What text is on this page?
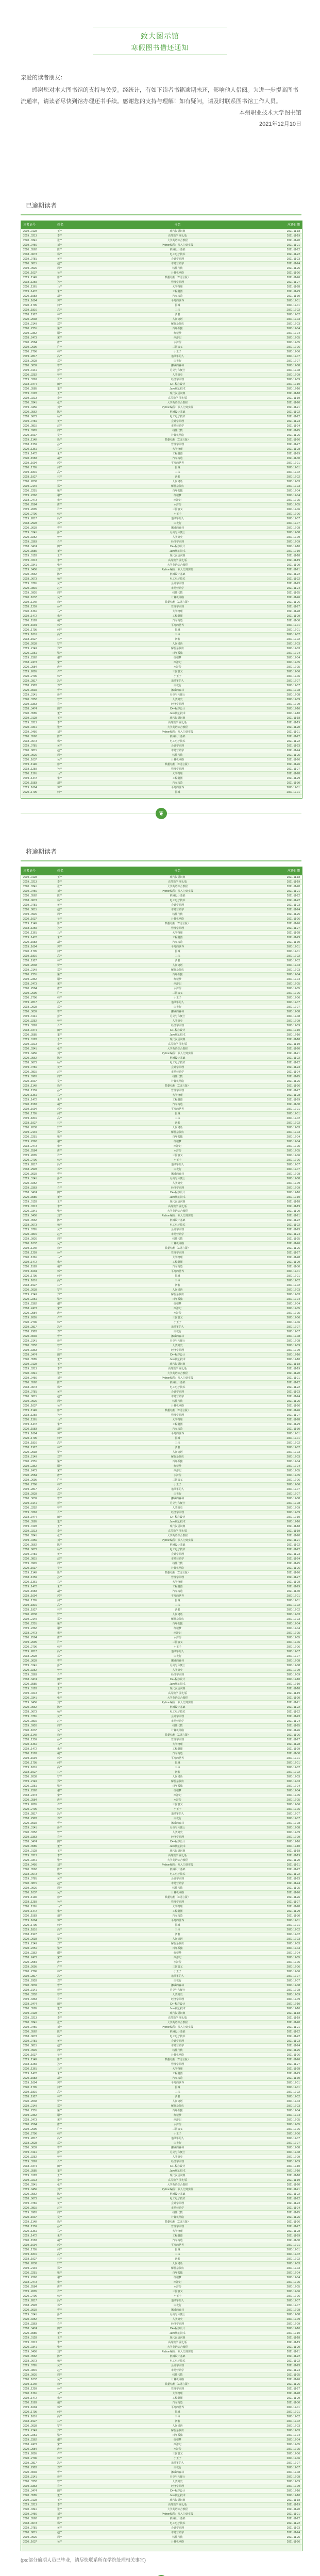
致大图示馆
寒假图书借还通知

亲爱的读者朋友：

感谢您对本大图书馆的支持与关爱。经统计，有如下读者书籍逾期未还，影响他人借阅。为进一步提高图书流通率，请读者尽快到馆办理还书手续。感谢您的支持与理解！如有疑问，请及时联系图书馆工作人员。

本州职业技术大学图书馆

2021年12月10日

已逾期读者
读者证号	姓名	书名	应还日期
2019...0128	王**	现代汉语词典	2021-11-18
2019...0213	李**	高等数学 第七版	2021-11-19
2020...0341	张**	大学英语综合教程	2021-11-20
2019...0456	刘**	Python编程：从入门到实践	2021-11-21
2020...0562	陈**	机械设计基础	2021-11-22
2018...0673	杨**	电工电子技术	2021-11-22
2019...0781	黄**	会计学原理	2021-11-23
2020...0815	赵**	市场营销学	2021-11-24
2019...0926	周**	线性代数	2021-11-25
2020...1037	吴**	计算机网络	2021-11-26
2019...1148	徐**	数据结构（C语言版）	2021-11-26
2018...1259	孙**	管理学原理	2021-11-27
2020...1361	马**	大学物理	2021-11-28
2019...1472	朱**	工程制图	2021-11-29
2020...1583	胡**	汽车构造	2021-11-30
2019...1694	郭**	平凡的世界	2021-12-01
2020...1705	何**	围城	2021-12-01
2019...1816	高**	三体	2021-12-02
2018...1927	林**	活着	2021-12-02
2020...2038	罗**	人间词话	2021-12-03
2019...2149	郑**	解忧杂货店	2021-12-03
2020...2251	梁**	百年孤独	2021-12-04
2019...2362	谢**	红楼梦	2021-12-04
2018...2473	宋**	西游记	2021-12-05
2020...2584	唐**	水浒传	2021-12-05
2019...2695	许**	三国演义	2021-12-06
2020...2706	韩**	小王子	2021-12-06
2019...2817	冯**	追风筝的人	2021-12-07
2018...2928	邓**	白夜行	2021-12-07
2020...3039	曹**	挪威的森林	2021-12-08
2019...3141	彭**	月亮与六便士	2021-12-08
2020...3252	曾**	人类简史	2021-12-09
2019...3363	肖**	经济学原理	2021-12-09
2018...3474	田**	C++程序设计	2021-12-10
2020...3585	董**	Java核心技术	2021-12-10
2019...0128	王**	现代汉语词典	2021-11-18
2019...0213	李**	高等数学 第七版	2021-11-19
2020...0341	张**	大学英语综合教程	2021-11-20
2019...0456	刘**	Python编程：从入门到实践	2021-11-21
2020...0562	陈**	机械设计基础	2021-11-22
2018...0673	杨**	电工电子技术	2021-11-22
2019...0781	黄**	会计学原理	2021-11-23
2020...0815	赵**	市场营销学	2021-11-24
2019...0926	周**	线性代数	2021-11-25
2020...1037	吴**	计算机网络	2021-11-26
2019...1148	徐**	数据结构（C语言版）	2021-11-26
2018...1259	孙**	管理学原理	2021-11-27
2020...1361	马**	大学物理	2021-11-28
2019...1472	朱**	工程制图	2021-11-29
2020...1583	胡**	汽车构造	2021-11-30
2019...1694	郭**	平凡的世界	2021-12-01
2020...1705	何**	围城	2021-12-01
2019...1816	高**	三体	2021-12-02
2018...1927	林**	活着	2021-12-02
2020...2038	罗**	人间词话	2021-12-03
2019...2149	郑**	解忧杂货店	2021-12-03
2020...2251	梁**	百年孤独	2021-12-04
2019...2362	谢**	红楼梦	2021-12-04
2018...2473	宋**	西游记	2021-12-05
2020...2584	唐**	水浒传	2021-12-05
2019...2695	许**	三国演义	2021-12-06
2020...2706	韩**	小王子	2021-12-06
2019...2817	冯**	追风筝的人	2021-12-07
2018...2928	邓**	白夜行	2021-12-07
2020...3039	曹**	挪威的森林	2021-12-08
2019...3141	彭**	月亮与六便士	2021-12-08
2020...3252	曾**	人类简史	2021-12-09
2019...3363	肖**	经济学原理	2021-12-09
2018...3474	田**	C++程序设计	2021-12-10
2020...3585	董**	Java核心技术	2021-12-10
2019...0128	王**	现代汉语词典	2021-11-18
2019...0213	李**	高等数学 第七版	2021-11-19
2020...0341	张**	大学英语综合教程	2021-11-20
2019...0456	刘**	Python编程：从入门到实践	2021-11-21
2020...0562	陈**	机械设计基础	2021-11-22
2018...0673	杨**	电工电子技术	2021-11-22
2019...0781	黄**	会计学原理	2021-11-23
2020...0815	赵**	市场营销学	2021-11-24
2019...0926	周**	线性代数	2021-11-25
2020...1037	吴**	计算机网络	2021-11-26
2019...1148	徐**	数据结构（C语言版）	2021-11-26
2018...1259	孙**	管理学原理	2021-11-27
2020...1361	马**	大学物理	2021-11-28
2019...1472	朱**	工程制图	2021-11-29
2020...1583	胡**	汽车构造	2021-11-30
2019...1694	郭**	平凡的世界	2021-12-01
2020...1705	何**	围城	2021-12-01
2019...1816	高**	三体	2021-12-02
2018...1927	林**	活着	2021-12-02
2020...2038	罗**	人间词话	2021-12-03
2019...2149	郑**	解忧杂货店	2021-12-03
2020...2251	梁**	百年孤独	2021-12-04
2019...2362	谢**	红楼梦	2021-12-04
2018...2473	宋**	西游记	2021-12-05
2020...2584	唐**	水浒传	2021-12-05
2019...2695	许**	三国演义	2021-12-06
2020...2706	韩**	小王子	2021-12-06
2019...2817	冯**	追风筝的人	2021-12-07
2018...2928	邓**	白夜行	2021-12-07
2020...3039	曹**	挪威的森林	2021-12-08
2019...3141	彭**	月亮与六便士	2021-12-08
2020...3252	曾**	人类简史	2021-12-09
2019...3363	肖**	经济学原理	2021-12-09
2018...3474	田**	C++程序设计	2021-12-10
2020...3585	董**	Java核心技术	2021-12-10
2019...0128	王**	现代汉语词典	2021-11-18
2019...0213	李**	高等数学 第七版	2021-11-19
2020...0341	张**	大学英语综合教程	2021-11-20
2019...0456	刘**	Python编程：从入门到实践	2021-11-21
2020...0562	陈**	机械设计基础	2021-11-22
2018...0673	杨**	电工电子技术	2021-11-22
2019...0781	黄**	会计学原理	2021-11-23
2020...0815	赵**	市场营销学	2021-11-24
2019...0926	周**	线性代数	2021-11-25
2020...1037	吴**	计算机网络	2021-11-26
2019...1148	徐**	数据结构（C语言版）	2021-11-26
2018...1259	孙**	管理学原理	2021-11-27
2020...1361	马**	大学物理	2021-11-28
2019...1472	朱**	工程制图	2021-11-29
2020...1583	胡**	汽车构造	2021-11-30
2019...1694	郭**	平凡的世界	2021-12-01
2020...1705	何**	围城	2021-12-01
❦
将逾期读者
读者证号	姓名	书名	应还日期
2019...0128	王**	现代汉语词典	2021-11-18
2019...0213	李**	高等数学 第七版	2021-11-19
2020...0341	张**	大学英语综合教程	2021-11-20
2019...0456	刘**	Python编程：从入门到实践	2021-11-21
2020...0562	陈**	机械设计基础	2021-11-22
2018...0673	杨**	电工电子技术	2021-11-22
2019...0781	黄**	会计学原理	2021-11-23
2020...0815	赵**	市场营销学	2021-11-24
2019...0926	周**	线性代数	2021-11-25
2020...1037	吴**	计算机网络	2021-11-26
2019...1148	徐**	数据结构（C语言版）	2021-11-26
2018...1259	孙**	管理学原理	2021-11-27
2020...1361	马**	大学物理	2021-11-28
2019...1472	朱**	工程制图	2021-11-29
2020...1583	胡**	汽车构造	2021-11-30
2019...1694	郭**	平凡的世界	2021-12-01
2020...1705	何**	围城	2021-12-01
2019...1816	高**	三体	2021-12-02
2018...1927	林**	活着	2021-12-02
2020...2038	罗**	人间词话	2021-12-03
2019...2149	郑**	解忧杂货店	2021-12-03
2020...2251	梁**	百年孤独	2021-12-04
2019...2362	谢**	红楼梦	2021-12-04
2018...2473	宋**	西游记	2021-12-05
2020...2584	唐**	水浒传	2021-12-05
2019...2695	许**	三国演义	2021-12-06
2020...2706	韩**	小王子	2021-12-06
2019...2817	冯**	追风筝的人	2021-12-07
2018...2928	邓**	白夜行	2021-12-07
2020...3039	曹**	挪威的森林	2021-12-08
2019...3141	彭**	月亮与六便士	2021-12-08
2020...3252	曾**	人类简史	2021-12-09
2019...3363	肖**	经济学原理	2021-12-09
2018...3474	田**	C++程序设计	2021-12-10
2020...3585	董**	Java核心技术	2021-12-10
2019...0128	王**	现代汉语词典	2021-11-18
2019...0213	李**	高等数学 第七版	2021-11-19
2020...0341	张**	大学英语综合教程	2021-11-20
2019...0456	刘**	Python编程：从入门到实践	2021-11-21
2020...0562	陈**	机械设计基础	2021-11-22
2018...0673	杨**	电工电子技术	2021-11-22
2019...0781	黄**	会计学原理	2021-11-23
2020...0815	赵**	市场营销学	2021-11-24
2019...0926	周**	线性代数	2021-11-25
2020...1037	吴**	计算机网络	2021-11-26
2019...1148	徐**	数据结构（C语言版）	2021-11-26
2018...1259	孙**	管理学原理	2021-11-27
2020...1361	马**	大学物理	2021-11-28
2019...1472	朱**	工程制图	2021-11-29
2020...1583	胡**	汽车构造	2021-11-30
2019...1694	郭**	平凡的世界	2021-12-01
2020...1705	何**	围城	2021-12-01
2019...1816	高**	三体	2021-12-02
2018...1927	林**	活着	2021-12-02
2020...2038	罗**	人间词话	2021-12-03
2019...2149	郑**	解忧杂货店	2021-12-03
2020...2251	梁**	百年孤独	2021-12-04
2019...2362	谢**	红楼梦	2021-12-04
2018...2473	宋**	西游记	2021-12-05
2020...2584	唐**	水浒传	2021-12-05
2019...2695	许**	三国演义	2021-12-06
2020...2706	韩**	小王子	2021-12-06
2019...2817	冯**	追风筝的人	2021-12-07
2018...2928	邓**	白夜行	2021-12-07
2020...3039	曹**	挪威的森林	2021-12-08
2019...3141	彭**	月亮与六便士	2021-12-08
2020...3252	曾**	人类简史	2021-12-09
2019...3363	肖**	经济学原理	2021-12-09
2018...3474	田**	C++程序设计	2021-12-10
2020...3585	董**	Java核心技术	2021-12-10
2019...0128	王**	现代汉语词典	2021-11-18
2019...0213	李**	高等数学 第七版	2021-11-19
2020...0341	张**	大学英语综合教程	2021-11-20
2019...0456	刘**	Python编程：从入门到实践	2021-11-21
2020...0562	陈**	机械设计基础	2021-11-22
2018...0673	杨**	电工电子技术	2021-11-22
2019...0781	黄**	会计学原理	2021-11-23
2020...0815	赵**	市场营销学	2021-11-24
2019...0926	周**	线性代数	2021-11-25
2020...1037	吴**	计算机网络	2021-11-26
2019...1148	徐**	数据结构（C语言版）	2021-11-26
2018...1259	孙**	管理学原理	2021-11-27
2020...1361	马**	大学物理	2021-11-28
2019...1472	朱**	工程制图	2021-11-29
2020...1583	胡**	汽车构造	2021-11-30
2019...1694	郭**	平凡的世界	2021-12-01
2020...1705	何**	围城	2021-12-01
2019...1816	高**	三体	2021-12-02
2018...1927	林**	活着	2021-12-02
2020...2038	罗**	人间词话	2021-12-03
2019...2149	郑**	解忧杂货店	2021-12-03
2020...2251	梁**	百年孤独	2021-12-04
2019...2362	谢**	红楼梦	2021-12-04
2018...2473	宋**	西游记	2021-12-05
2020...2584	唐**	水浒传	2021-12-05
2019...2695	许**	三国演义	2021-12-06
2020...2706	韩**	小王子	2021-12-06
2019...2817	冯**	追风筝的人	2021-12-07
2018...2928	邓**	白夜行	2021-12-07
2020...3039	曹**	挪威的森林	2021-12-08
2019...3141	彭**	月亮与六便士	2021-12-08
2020...3252	曾**	人类简史	2021-12-09
2019...3363	肖**	经济学原理	2021-12-09
2018...3474	田**	C++程序设计	2021-12-10
2020...3585	董**	Java核心技术	2021-12-10
2019...0128	王**	现代汉语词典	2021-11-18
2019...0213	李**	高等数学 第七版	2021-11-19
2020...0341	张**	大学英语综合教程	2021-11-20
2019...0456	刘**	Python编程：从入门到实践	2021-11-21
2020...0562	陈**	机械设计基础	2021-11-22
2018...0673	杨**	电工电子技术	2021-11-22
2019...0781	黄**	会计学原理	2021-11-23
2020...0815	赵**	市场营销学	2021-11-24
2019...0926	周**	线性代数	2021-11-25
2020...1037	吴**	计算机网络	2021-11-26
2019...1148	徐**	数据结构（C语言版）	2021-11-26
2018...1259	孙**	管理学原理	2021-11-27
2020...1361	马**	大学物理	2021-11-28
2019...1472	朱**	工程制图	2021-11-29
2020...1583	胡**	汽车构造	2021-11-30
2019...1694	郭**	平凡的世界	2021-12-01
2020...1705	何**	围城	2021-12-01
2019...1816	高**	三体	2021-12-02
2018...1927	林**	活着	2021-12-02
2020...2038	罗**	人间词话	2021-12-03
2019...2149	郑**	解忧杂货店	2021-12-03
2020...2251	梁**	百年孤独	2021-12-04
2019...2362	谢**	红楼梦	2021-12-04
2018...2473	宋**	西游记	2021-12-05
2020...2584	唐**	水浒传	2021-12-05
2019...2695	许**	三国演义	2021-12-06
2020...2706	韩**	小王子	2021-12-06
2019...2817	冯**	追风筝的人	2021-12-07
2018...2928	邓**	白夜行	2021-12-07
2020...3039	曹**	挪威的森林	2021-12-08
2019...3141	彭**	月亮与六便士	2021-12-08
2020...3252	曾**	人类简史	2021-12-09
2019...3363	肖**	经济学原理	2021-12-09
2018...3474	田**	C++程序设计	2021-12-10
2020...3585	董**	Java核心技术	2021-12-10
2019...0128	王**	现代汉语词典	2021-11-18
2019...0213	李**	高等数学 第七版	2021-11-19
2020...0341	张**	大学英语综合教程	2021-11-20
2019...0456	刘**	Python编程：从入门到实践	2021-11-21
2020...0562	陈**	机械设计基础	2021-11-22
2018...0673	杨**	电工电子技术	2021-11-22
2019...0781	黄**	会计学原理	2021-11-23
2020...0815	赵**	市场营销学	2021-11-24
2019...0926	周**	线性代数	2021-11-25
2020...1037	吴**	计算机网络	2021-11-26
2019...1148	徐**	数据结构（C语言版）	2021-11-26
2018...1259	孙**	管理学原理	2021-11-27
2020...1361	马**	大学物理	2021-11-28
2019...1472	朱**	工程制图	2021-11-29
2020...1583	胡**	汽车构造	2021-11-30
2019...1694	郭**	平凡的世界	2021-12-01
2020...1705	何**	围城	2021-12-01
2019...1816	高**	三体	2021-12-02
2018...1927	林**	活着	2021-12-02
2020...2038	罗**	人间词话	2021-12-03
2019...2149	郑**	解忧杂货店	2021-12-03
2020...2251	梁**	百年孤独	2021-12-04
2019...2362	谢**	红楼梦	2021-12-04
2018...2473	宋**	西游记	2021-12-05
2020...2584	唐**	水浒传	2021-12-05
2019...2695	许**	三国演义	2021-12-06
2020...2706	韩**	小王子	2021-12-06
2019...2817	冯**	追风筝的人	2021-12-07
2018...2928	邓**	白夜行	2021-12-07
2020...3039	曹**	挪威的森林	2021-12-08
2019...3141	彭**	月亮与六便士	2021-12-08
2020...3252	曾**	人类简史	2021-12-09
2019...3363	肖**	经济学原理	2021-12-09
2018...3474	田**	C++程序设计	2021-12-10
2020...3585	董**	Java核心技术	2021-12-10
2019...0128	王**	现代汉语词典	2021-11-18
2019...0213	李**	高等数学 第七版	2021-11-19
2020...0341	张**	大学英语综合教程	2021-11-20
2019...0456	刘**	Python编程：从入门到实践	2021-11-21
2020...0562	陈**	机械设计基础	2021-11-22
2018...0673	杨**	电工电子技术	2021-11-22
2019...0781	黄**	会计学原理	2021-11-23
2020...0815	赵**	市场营销学	2021-11-24
2019...0926	周**	线性代数	2021-11-25
2020...1037	吴**	计算机网络	2021-11-26
2019...1148	徐**	数据结构（C语言版）	2021-11-26
2018...1259	孙**	管理学原理	2021-11-27
2020...1361	马**	大学物理	2021-11-28
2019...1472	朱**	工程制图	2021-11-29
2020...1583	胡**	汽车构造	2021-11-30
2019...1694	郭**	平凡的世界	2021-12-01
2020...1705	何**	围城	2021-12-01
2019...1816	高**	三体	2021-12-02
2018...1927	林**	活着	2021-12-02
2020...2038	罗**	人间词话	2021-12-03
2019...2149	郑**	解忧杂货店	2021-12-03
2020...2251	梁**	百年孤独	2021-12-04
2019...2362	谢**	红楼梦	2021-12-04
2018...2473	宋**	西游记	2021-12-05
2020...2584	唐**	水浒传	2021-12-05
2019...2695	许**	三国演义	2021-12-06
2020...2706	韩**	小王子	2021-12-06
2019...2817	冯**	追风筝的人	2021-12-07
2018...2928	邓**	白夜行	2021-12-07
2020...3039	曹**	挪威的森林	2021-12-08
2019...3141	彭**	月亮与六便士	2021-12-08
2020...3252	曾**	人类简史	2021-12-09
2019...3363	肖**	经济学原理	2021-12-09
2018...3474	田**	C++程序设计	2021-12-10
2020...3585	董**	Java核心技术	2021-12-10
2019...0128	王**	现代汉语词典	2021-11-18
2019...0213	李**	高等数学 第七版	2021-11-19
2020...0341	张**	大学英语综合教程	2021-11-20
2019...0456	刘**	Python编程：从入门到实践	2021-11-21
2020...0562	陈**	机械设计基础	2021-11-22
2018...0673	杨**	电工电子技术	2021-11-22
2019...0781	黄**	会计学原理	2021-11-23
2020...0815	赵**	市场营销学	2021-11-24
2019...0926	周**	线性代数	2021-11-25
2020...1037	吴**	计算机网络	2021-11-26
2019...1148	徐**	数据结构（C语言版）	2021-11-26
2018...1259	孙**	管理学原理	2021-11-27
2020...1361	马**	大学物理	2021-11-28
2019...1472	朱**	工程制图	2021-11-29
2020...1583	胡**	汽车构造	2021-11-30
2019...1694	郭**	平凡的世界	2021-12-01
2020...1705	何**	围城	2021-12-01
2019...1816	高**	三体	2021-12-02
2018...1927	林**	活着	2021-12-02
2020...2038	罗**	人间词话	2021-12-03
2019...2149	郑**	解忧杂货店	2021-12-03
2020...2251	梁**	百年孤独	2021-12-04
2019...2362	谢**	红楼梦	2021-12-04
2018...2473	宋**	西游记	2021-12-05
2020...2584	唐**	水浒传	2021-12-05
2019...2695	许**	三国演义	2021-12-06
2020...2706	韩**	小王子	2021-12-06
2019...2817	冯**	追风筝的人	2021-12-07
2018...2928	邓**	白夜行	2021-12-07
2020...3039	曹**	挪威的森林	2021-12-08
2019...3141	彭**	月亮与六便士	2021-12-08
2020...3252	曾**	人类简史	2021-12-09
2019...3363	肖**	经济学原理	2021-12-09
2018...3474	田**	C++程序设计	2021-12-10
2020...3585	董**	Java核心技术	2021-12-10
2019...0128	王**	现代汉语词典	2021-11-18
2019...0213	李**	高等数学 第七版	2021-11-19
2020...0341	张**	大学英语综合教程	2021-11-20
2019...0456	刘**	Python编程：从入门到实践	2021-11-21
2020...0562	陈**	机械设计基础	2021-11-22
2018...0673	杨**	电工电子技术	2021-11-22
2019...0781	黄**	会计学原理	2021-11-23
2020...0815	赵**	市场营销学	2021-11-24
2019...0926	周**	线性代数	2021-11-25
2020...1037	吴**	计算机网络	2021-11-26
2019...1148	徐**	数据结构（C语言版）	2021-11-26
2018...1259	孙**	管理学原理	2021-11-27
2020...1361	马**	大学物理	2021-11-28
2019...1472	朱**	工程制图	2021-11-29
2020...1583	胡**	汽车构造	2021-11-30
2019...1694	郭**	平凡的世界	2021-12-01
2020...1705	何**	围城	2021-12-01
2019...1816	高**	三体	2021-12-02
2018...1927	林**	活着	2021-12-02
2020...2038	罗**	人间词话	2021-12-03
2019...2149	郑**	解忧杂货店	2021-12-03
2020...2251	梁**	百年孤独	2021-12-04
2019...2362	谢**	红楼梦	2021-12-04
2018...2473	宋**	西游记	2021-12-05
2020...2584	唐**	水浒传	2021-12-05
2019...2695	许**	三国演义	2021-12-06
2020...2706	韩**	小王子	2021-12-06
2019...2817	冯**	追风筝的人	2021-12-07
2018...2928	邓**	白夜行	2021-12-07
2020...3039	曹**	挪威的森林	2021-12-08
2019...3141	彭**	月亮与六便士	2021-12-08
2020...3252	曾**	人类简史	2021-12-09
2019...3363	肖**	经济学原理	2021-12-09
2018...3474	田**	C++程序设计	2021-12-10
2020...3585	董**	Java核心技术	2021-12-10
2019...0128	王**	现代汉语词典	2021-11-18
2019...0213	李**	高等数学 第七版	2021-11-19
2020...0341	张**	大学英语综合教程	2021-11-20
2019...0456	刘**	Python编程：从入门到实践	2021-11-21
2020...0562	陈**	机械设计基础	2021-11-22
2018...0673	杨**	电工电子技术	2021-11-22
2019...0781	黄**	会计学原理	2021-11-23
2020...0815	赵**	市场营销学	2021-11-24
2019...0926	周**	线性代数	2021-11-25
2020...1037	吴**	计算机网络	2021-11-26
2019...1148	徐**	数据结构（C语言版）	2021-11-26
2018...1259	孙**	管理学原理	2021-11-27
2020...1361	马**	大学物理	2021-11-28
2019...1472	朱**	工程制图	2021-11-29
2020...1583	胡**	汽车构造	2021-11-30
2019...1694	郭**	平凡的世界	2021-12-01
2020...1705	何**	围城	2021-12-01
2019...1816	高**	三体	2021-12-02
2018...1927	林**	活着	2021-12-02
2020...2038	罗**	人间词话	2021-12-03
2019...2149	郑**	解忧杂货店	2021-12-03
2020...2251	梁**	百年孤独	2021-12-04
2019...2362	谢**	红楼梦	2021-12-04
2018...2473	宋**	西游记	2021-12-05
2020...2584	唐**	水浒传	2021-12-05
2019...2695	许**	三国演义	2021-12-06
2020...2706	韩**	小王子	2021-12-06
2019...2817	冯**	追风筝的人	2021-12-07
2018...2928	邓**	白夜行	2021-12-07
2020...3039	曹**	挪威的森林	2021-12-08
2019...3141	彭**	月亮与六便士	2021-12-08
2020...3252	曾**	人类简史	2021-12-09
2019...3363	肖**	经济学原理	2021-12-09
2018...3474	田**	C++程序设计	2021-12-10
2020...3585	董**	Java核心技术	2021-12-10
2019...0128	王**	现代汉语词典	2021-11-18
2019...0213	李**	高等数学 第七版	2021-11-19
2020...0341	张**	大学英语综合教程	2021-11-20
2019...0456	刘**	Python编程：从入门到实践	2021-11-21
2020...0562	陈**	机械设计基础	2021-11-22
2018...0673	杨**	电工电子技术	2021-11-22
2019...0781	黄**	会计学原理	2021-11-23
2020...0815	赵**	市场营销学	2021-11-24
2019...0926	周**	线性代数	2021-11-25
2020...1037	吴**	计算机网络	2021-11-26
2019...1148	徐**	数据结构（C语言版）	2021-11-26
2018...1259	孙**	管理学原理	2021-11-27
2020...1361	马**	大学物理	2021-11-28
2019...1472	朱**	工程制图	2021-11-29
2020...1583	胡**	汽车构造	2021-11-30
2019...1694	郭**	平凡的世界	2021-12-01
2020...1705	何**	围城	2021-12-01
2019...1816	高**	三体	2021-12-02
2018...1927	林**	活着	2021-12-02
2020...2038	罗**	人间词话	2021-12-03
2019...2149	郑**	解忧杂货店	2021-12-03
2020...2251	梁**	百年孤独	2021-12-04
2019...2362	谢**	红楼梦	2021-12-04
2018...2473	宋**	西游记	2021-12-05
2020...2584	唐**	水浒传	2021-12-05
2019...2695	许**	三国演义	2021-12-06
2020...2706	韩**	小王子	2021-12-06
2019...2817	冯**	追风筝的人	2021-12-07
2018...2928	邓**	白夜行	2021-12-07
2020...3039	曹**	挪威的森林	2021-12-08
2019...3141	彭**	月亮与六便士	2021-12-08
2020...3252	曾**	人类简史	2021-12-09
2019...3363	肖**	经济学原理	2021-12-09
2018...3474	田**	C++程序设计	2021-12-10
2020...3585	董**	Java核心技术	2021-12-10
2019...0128	王**	现代汉语词典	2021-11-18
2019...0213	李**	高等数学 第七版	2021-11-19
2020...0341	张**	大学英语综合教程	2021-11-20
2019...0456	刘**	Python编程：从入门到实践	2021-11-21
2020...0562	陈**	机械设计基础	2021-11-22
2018...0673	杨**	电工电子技术	2021-11-22
2019...0781	黄**	会计学原理	2021-11-23
2020...0815	赵**	市场营销学	2021-11-24
2019...0926	周**	线性代数	2021-11-25
2020...1037	吴**	计算机网络	2021-11-26
(ps:部分逾期人员已毕业，请尽快联系所在学院处理相关事宜)
